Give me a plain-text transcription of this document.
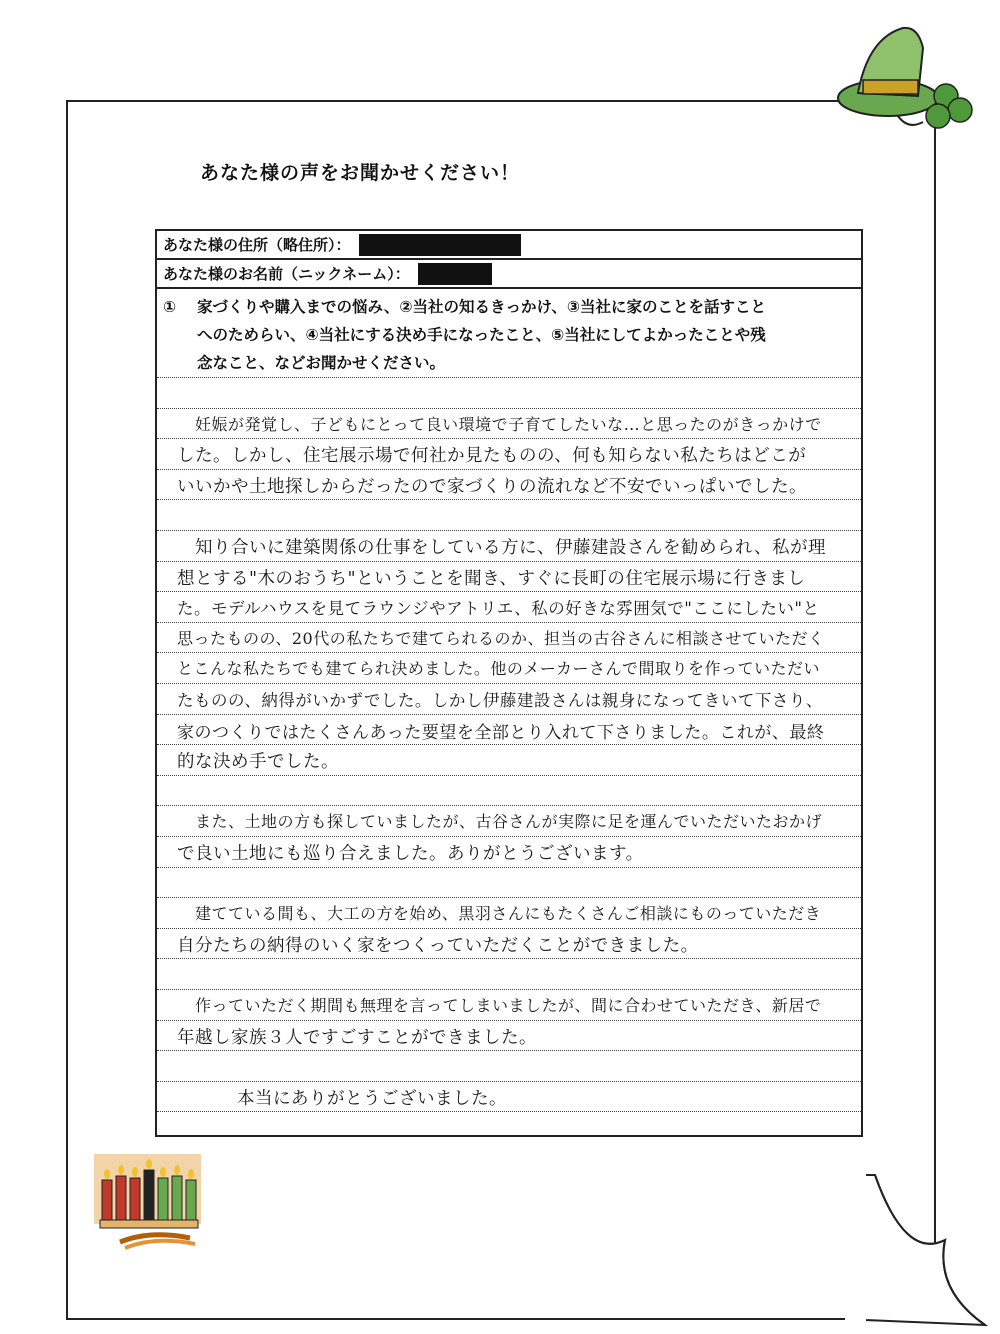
あなた様の声をお聞かせください！
あなた様の住所（略住所）：
あなた様のお名前（ニックネーム）：
① 家づくりや購入までの悩み、②当社の知るきっかけ、③当社に家のことを話すこと
へのためらい、④当社にする決め手になったこと、⑤当社にしてよかったことや残
念なこと、などお聞かせください。
妊娠が発覚し、子どもにとって良い環境で子育てしたいな…と思ったのがきっかけで
した。しかし、住宅展示場で何社か見たものの、何も知らない私たちはどこが
いいかや土地探しからだったので家づくりの流れなど不安でいっぱいでした。
知り合いに建築関係の仕事をしている方に、伊藤建設さんを勧められ、私が理
想とする"木のおうち"ということを聞き、すぐに長町の住宅展示場に行きまし
た。モデルハウスを見てラウンジやアトリエ、私の好きな雰囲気で"ここにしたい"と
思ったものの、20代の私たちで建てられるのか、担当の古谷さんに相談させていただく
とこんな私たちでも建てられ決めました。他のメーカーさんで間取りを作っていただい
たものの、納得がいかずでした。しかし伊藤建設さんは親身になってきいて下さり、
家のつくりではたくさんあった要望を全部とり入れて下さりました。これが、最終
的な決め手でした。
また、土地の方も探していましたが、古谷さんが実際に足を運んでいただいたおかげ
で良い土地にも巡り合えました。ありがとうございます。
建てている間も、大工の方を始め、黒羽さんにもたくさんご相談にものっていただき
自分たちの納得のいく家をつくっていただくことができました。
作っていただく期間も無理を言ってしまいましたが、間に合わせていただき、新居で
年越し家族３人ですごすことができました。
本当にありがとうございました。
